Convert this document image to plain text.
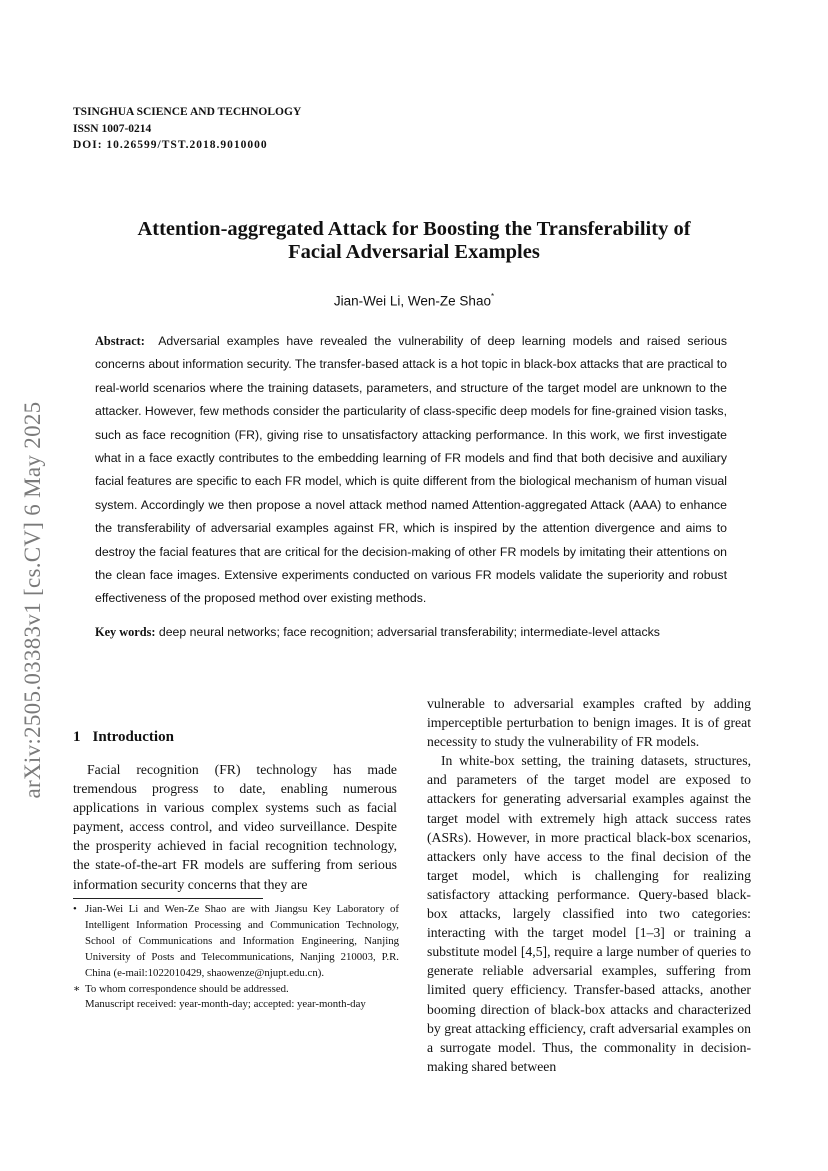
arXiv:2505.03383v1 [cs.CV] 6 May 2025
TSINGHUA SCIENCE AND TECHNOLOGY
ISSN 1007-0214
DOI: 10.26599/TST.2018.9010000
Attention-aggregated Attack for Boosting the Transferability of
Facial Adversarial Examples
Jian-Wei Li, Wen-Ze Shao*
Abstract: Adversarial examples have revealed the vulnerability of deep learning models and raised serious concerns about information security. The transfer-based attack is a hot topic in black-box attacks that are practical to real-world scenarios where the training datasets, parameters, and structure of the target model are unknown to the attacker. However, few methods consider the particularity of class-specific deep models for fine-grained vision tasks, such as face recognition (FR), giving rise to unsatisfactory attacking performance. In this work, we first investigate what in a face exactly contributes to the embedding learning of FR models and find that both decisive and auxiliary facial features are specific to each FR model, which is quite different from the biological mechanism of human visual system. Accordingly we then propose a novel attack method named Attention-aggregated Attack (AAA) to enhance the transferability of adversarial examples against FR, which is inspired by the attention divergence and aims to destroy the facial features that are critical for the decision-making of other FR models by imitating their attentions on the clean face images. Extensive experiments conducted on various FR models validate the superiority and robust effectiveness of the proposed method over existing methods.
Key words: deep neural networks; face recognition; adversarial transferability; intermediate-level attacks
1 Introduction

Facial recognition (FR) technology has made tremendous progress to date, enabling numerous applications in various complex systems such as facial payment, access control, and video surveillance. Despite the prosperity achieved in facial recognition technology, the state-of-the-art FR models are suffering from serious information security concerns that they are

• Jian-Wei Li and Wen-Ze Shao are with Jiangsu Key Laboratory of Intelligent Information Processing and Communication Technology, School of Communications and Information Engineering, Nanjing University of Posts and Telecommunications, Nanjing 210003, P.R. China (e-mail:1022010429, shaowenze@njupt.edu.cn).

∗ To whom correspondence should be addressed.

Manuscript received: year-month-day; accepted: year-month-day

vulnerable to adversarial examples crafted by adding imperceptible perturbation to benign images. It is of great necessity to study the vulnerability of FR models.

In white-box setting, the training datasets, structures, and parameters of the target model are exposed to attackers for generating adversarial examples against the target model with extremely high attack success rates (ASRs). However, in more practical black-box scenarios, attackers only have access to the final decision of the target model, which is challenging for realizing satisfactory attacking performance. Query-based black-box attacks, largely classified into two categories: interacting with the target model [1–3] or training a substitute model [4,5], require a large number of queries to generate reliable adversarial examples, suffering from limited query efficiency. Transfer-based attacks, another booming direction of black-box attacks and characterized by great attacking efficiency, craft adversarial examples on a surrogate model. Thus, the commonality in decision-making shared between
